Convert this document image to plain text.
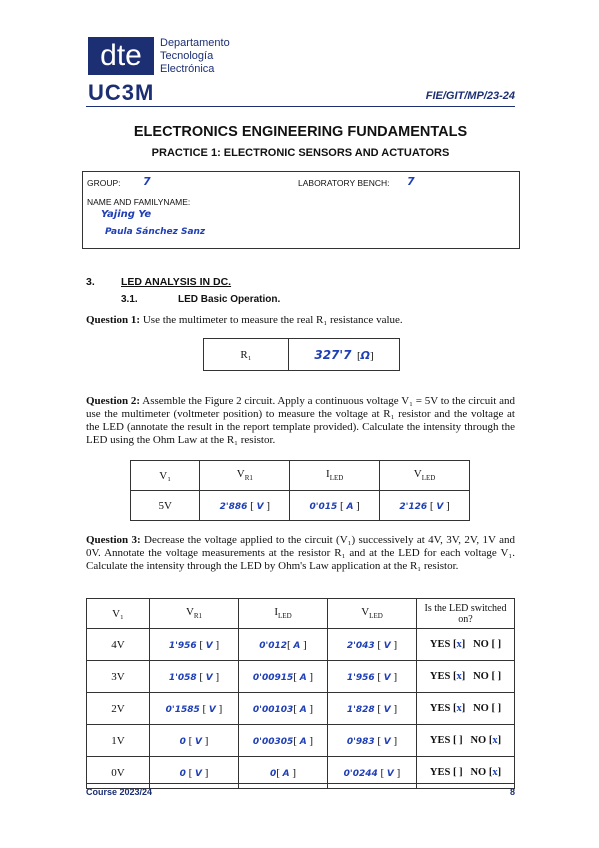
dte	Departamento
Tecnología
Electrónica
UC3M	FIE/GIT/MP/23-24
ELECTRONICS ENGINEERING FUNDAMENTALS
PRACTICE 1: ELECTRONIC SENSORS AND ACTUATORS
GROUP: 7	LABORATORY BENCH: 7
NAME AND FAMILYNAME:
Yajing Ye
Paula Sánchez Sanz
3. LED ANALYSIS IN DC.
3.1.	LED Basic Operation.
Question 1: Use the multimeter to measure the real R₁ resistance value.
R₁	327'7  [Ω]
Question 2: Assemble the Figure 2 circuit. Apply a continuous voltage V₁ = 5V to the circuit and use the multimeter (voltmeter position) to measure the voltage at R₁ resistor and the voltage at the LED (annotate the result in the report template provided). Calculate the intensity through the LED using the Ohm Law at the R₁ resistor.
V₁	$V_{R1}$	$I_{LED}$	$V_{LED}$
5V	2'886 [ V ]	0'015 [ A ]	2'126 [ V ]
Question 3: Decrease the voltage applied to the circuit (V₁) successively at 4V, 3V, 2V, 1V and 0V. Annotate the voltage measurements at the resistor R₁ and at the LED for each voltage V₁. Calculate the intensity through the LED by Ohm's Law application at the R₁ resistor.
V₁	$V_{R1}$	$I_{LED}$	$V_{LED}$	Is the LED switched on?
4V	1'956 [ V ]	0'012[ A ]	2'043 [ V ]	YES [x]   NO [ ]
3V	1'058 [ V ]	0'00915[ A ]	1'956 [ V ]	YES [x]   NO [ ]
2V	0'1585 [ V ]	0'00103[ A ]	1'828 [ V ]	YES [x]   NO [ ]
1V	0 [ V ]	0'00305[ A ]	0'983 [ V ]	YES [ ]   NO [x]
0V	0 [ V ]	0[ A ]	0'0244 [ V ]	YES [ ]   NO [x]
Course 2023/24	8
